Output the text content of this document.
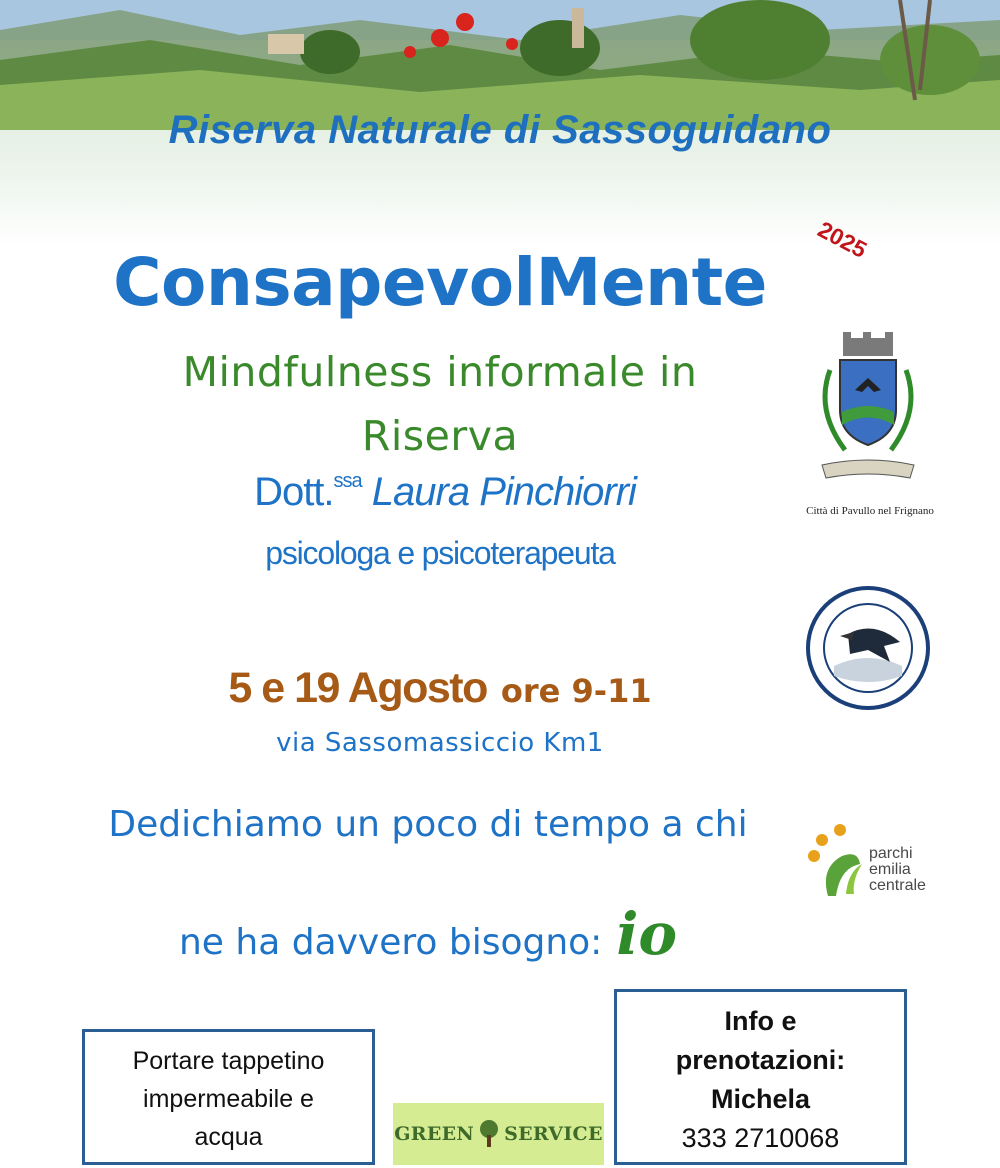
Riserva Naturale di Sassoguidano
2025
ConsapevolMente
Mindfulness informale in
Riserva
Dott.$^{ssa}$ Laura Pinchiorri
psicologa e psicoterapeuta
5 e 19 Agosto ore 9-11
via Sassomassiccio Km1
Dedichiamo un poco di tempo a chi
ne ha davvero bisogno: io
Città di Pavullo nel Frignano
parchi
emilia
centrale
Portare tappetino
impermeabile e
acqua	GREEN SERVICE
Info e
prenotazioni:
Michela
333 2710068
